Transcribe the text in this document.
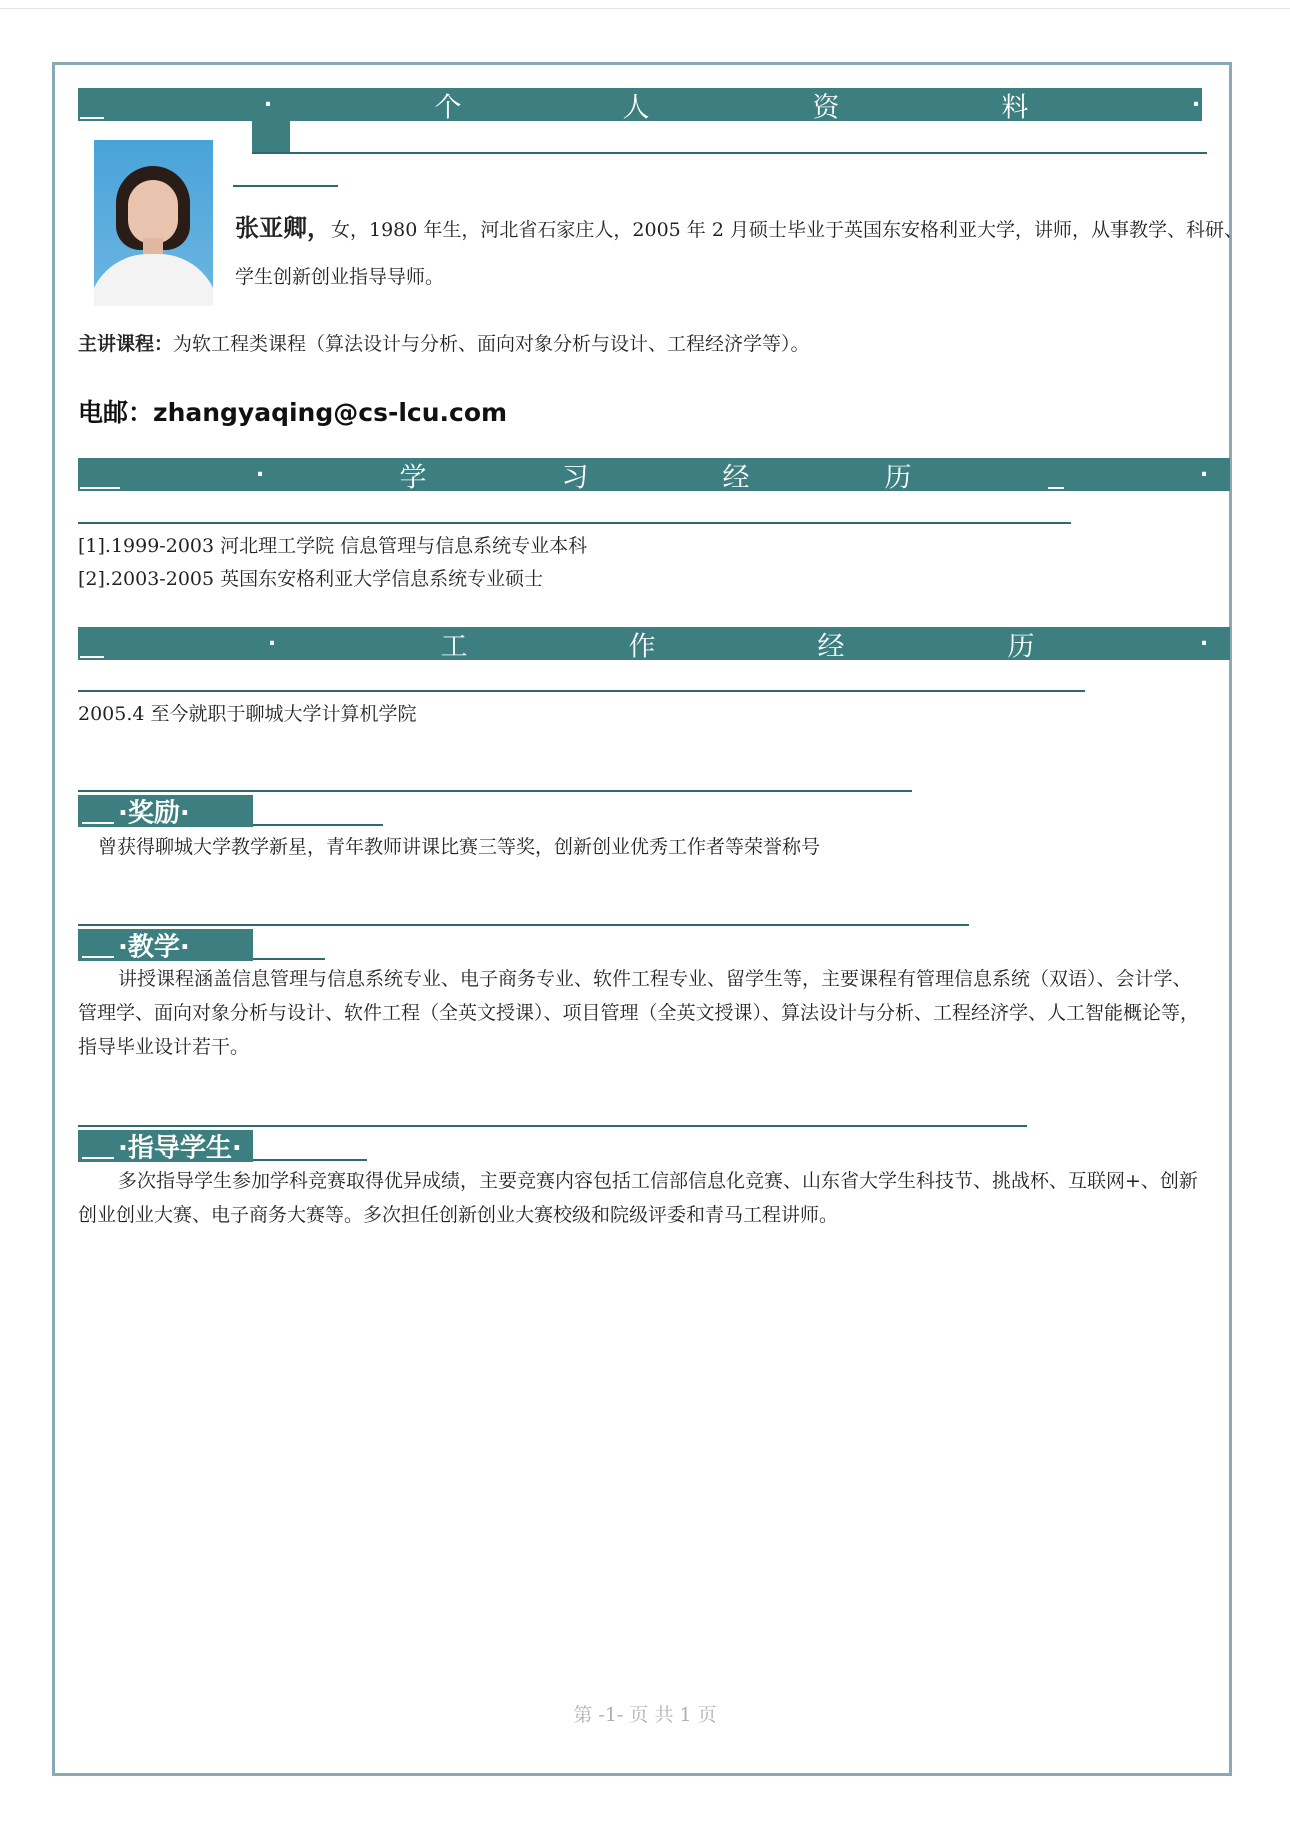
·	个	人	资	料	·
张亚卿，女，1980 年生，河北省石家庄人，2005 年 2 月硕士毕业于英国东安格利亚大学，讲师，从事教学、科研、
学生创新创业指导导师。
主讲课程：为软工程类课程（算法设计与分析、面向对象分析与设计、工程经济学等）。
电邮：zhangyaqing@cs-lcu.com
·	学	习	经	历	·
[1].1999-2003 河北理工学院 信息管理与信息系统专业本科
[2].2003-2005 英国东安格利亚大学信息系统专业硕士
·	工	作	经	历	·
2005.4 至今就职于聊城大学计算机学院
·奖励·
曾获得聊城大学教学新星，青年教师讲课比赛三等奖，创新创业优秀工作者等荣誉称号
·教学·
讲授课程涵盖信息管理与信息系统专业、电子商务专业、软件工程专业、留学生等，主要课程有管理信息系统（双语）、会计学、
管理学、面向对象分析与设计、软件工程（全英文授课）、项目管理（全英文授课）、算法设计与分析、工程经济学、人工智能概论等，
指导毕业设计若干。
·指导学生·
多次指导学生参加学科竞赛取得优异成绩，主要竞赛内容包括工信部信息化竞赛、山东省大学生科技节、挑战杯、互联网+、创新
创业创业大赛、电子商务大赛等。多次担任创新创业大赛校级和院级评委和青马工程讲师。
第 -1- 页 共 1 页
